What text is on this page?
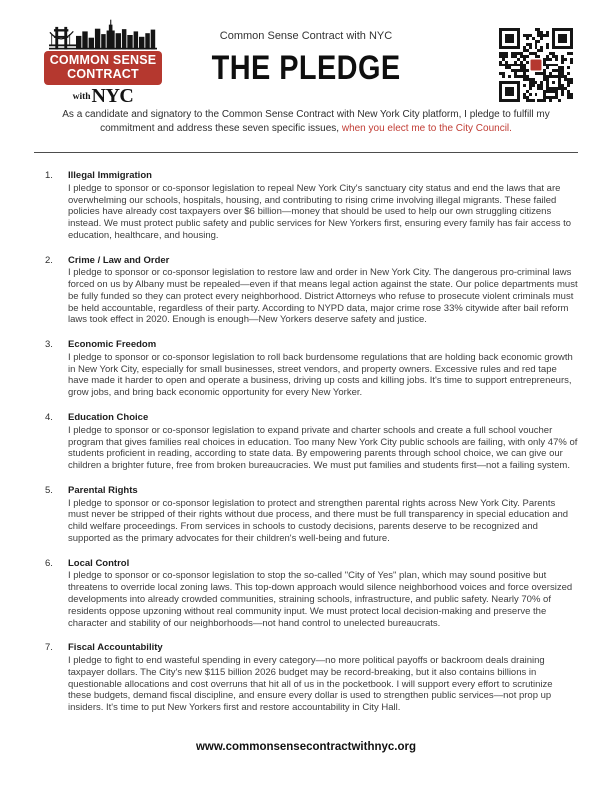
COMMON SENSE
CONTRACT
withNYC
Common Sense Contract with NYC
THE PLEDGE
As a candidate and signatory to the Common Sense Contract with New York City platform, I pledge to fulfill my commitment and address these seven specific issues, when you elect me to the City Council.
1.	Illegal Immigration
I pledge to sponsor or co-sponsor legislation to repeal New York City's sanctuary city status and end the laws that are overwhelming our schools, hospitals, housing, and contributing to rising crime involving illegal migrants. These failed policies have already cost taxpayers over $6 billion—money that should be used to help our own struggling citizens instead. We must protect public safety and public services for New Yorkers first, ensuring every family has fair access to education, healthcare, and housing.
2.	Crime / Law and Order
I pledge to sponsor or co-sponsor legislation to restore law and order in New York City. The dangerous pro-criminal laws forced on us by Albany must be repealed—even if that means legal action against the state. Our police departments must be fully funded so they can protect every neighborhood. District Attorneys who refuse to prosecute violent criminals must be held accountable, regardless of their party. According to NYPD data, major crime rose 33% citywide after bail reform laws took effect in 2020. Enough is enough—New Yorkers deserve safety and justice.
3.	Economic Freedom
I pledge to sponsor or co-sponsor legislation to roll back burdensome regulations that are holding back economic growth in New York City, especially for small businesses, street vendors, and property owners. Excessive rules and red tape have made it harder to open and operate a business, driving up costs and killing jobs. It's time to support entrepreneurs, grow jobs, and bring back economic opportunity for every New Yorker.
4.	Education Choice
I pledge to sponsor or co-sponsor legislation to expand private and charter schools and create a full school voucher program that gives families real choices in education. Too many New York City public schools are failing, with only 47% of students proficient in reading, according to state data. By empowering parents through school choice, we can give our children a brighter future, free from broken bureaucracies. We must put families and students first—not a failing system.
5.	Parental Rights
I pledge to sponsor or co-sponsor legislation to protect and strengthen parental rights across New York City. Parents must never be stripped of their rights without due process, and there must be full transparency in special education and child welfare proceedings. From services in schools to custody decisions, parents deserve to be recognized and supported as the primary advocates for their children's well-being and future.
6.	Local Control
I pledge to sponsor or co-sponsor legislation to stop the so-called "City of Yes" plan, which may sound positive but threatens to override local zoning laws. This top-down approach would silence neighborhood voices and force oversized developments into already crowded communities, straining schools, infrastructure, and public safety. Nearly 70% of residents oppose upzoning without real community input. We must protect local decision-making and preserve the character and stability of our neighborhoods—not hand control to unelected bureaucrats.
7.	Fiscal Accountability
I pledge to fight to end wasteful spending in every category—no more political payoffs or backroom deals draining taxpayer dollars. The City's new $115 billion 2026 budget may be record-breaking, but it also contains billions in questionable allocations and cost overruns that hit all of us in the pocketbook. I will support every effort to scrutinize these budgets, demand fiscal discipline, and ensure every dollar is used to strengthen public services—not prop up insiders. It's time to put New Yorkers first and restore accountability in City Hall.
www.commonsensecontractwithnyc.org
